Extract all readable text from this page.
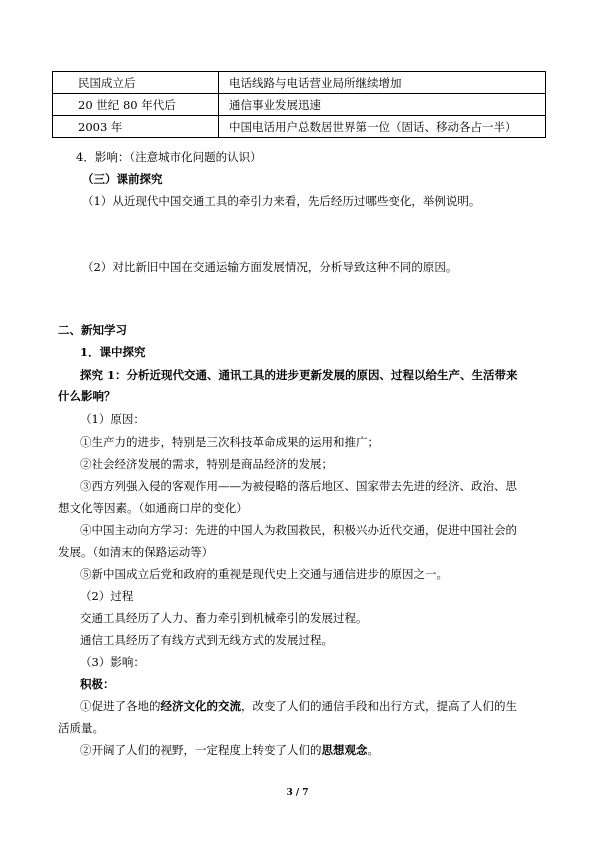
民国成立后	电话线路与电话营业局所继续增加
20 世纪 80 年代后	通信事业发展迅速
2003 年	中国电话用户总数居世界第一位（固话、移动各占一半）
4．影响：（注意城市化问题的认识）
（三）课前探究
（1）从近现代中国交通工具的牵引力来看，先后经历过哪些变化，举例说明。
（2）对比新旧中国在交通运输方面发展情况，分析导致这种不同的原因。
二、新知学习
1．课中探究
探究 1：分析近现代交通、通讯工具的进步更新发展的原因、过程以给生产、生活带来
什么影响？
（1）原因：
①生产力的进步，特别是三次科技革命成果的运用和推广；
②社会经济发展的需求，特别是商品经济的发展；
③西方列强入侵的客观作用——为被侵略的落后地区、国家带去先进的经济、政治、思
想文化等因素。（如通商口岸的变化）
④中国主动向方学习：先进的中国人为救国救民，积极兴办近代交通，促进中国社会的
发展。（如清末的保路运动等）
⑤新中国成立后党和政府的重视是现代史上交通与通信进步的原因之一。
（2）过程
交通工具经历了人力、畜力牵引到机械牵引的发展过程。
通信工具经历了有线方式到无线方式的发展过程。
（3）影响：
积极：
①促进了各地的经济文化的交流，改变了人们的通信手段和出行方式，提高了人们的生
活质量。
②开阔了人们的视野，一定程度上转变了人们的思想观念。
3 / 7
